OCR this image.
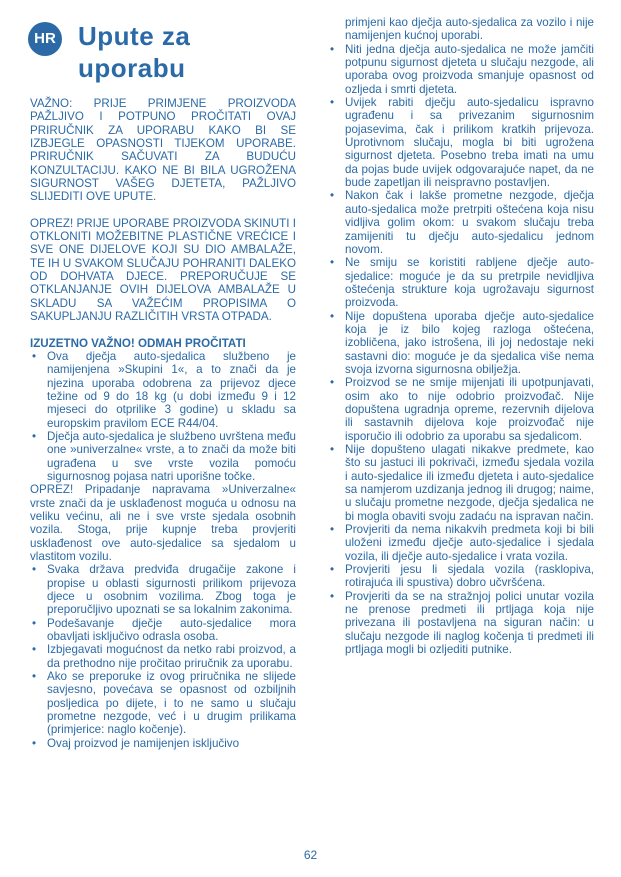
HR Upute za uporabu

VAŽNO: PRIJE PRIMJENE PROIZVODA PAŽLJIVO I POTPUNO PROČITATI OVAJ PRIRUČNIK ZA UPORABU KAKO BI SE IZBJEGLE OPASNOSTI TIJEKOM UPORABE. PRIRUČNIK SAČUVATI ZA BUDUĆU KONZULTACIJU. KAKO NE BI BILA UGROŽENA SIGURNOST VAŠEG DJETETA, PAŽLJIVO SLIJEDITI OVE UPUTE.

OPREZ! PRIJE UPORABE PROIZVODA SKINUTI I OTKLONITI MOŽEBITNE PLASTIČNE VREĆICE I SVE ONE DIJELOVE KOJI SU DIO AMBALAŽE, TE IH U SVAKOM SLUČAJU POHRANITI DALEKO OD DOHVATA DJECE. PREPORUČUJE SE OTKLANJANJE OVIH DIJELOVA AMBALAŽE U SKLADU SA VAŽEĆIM PROPISIMA O SAKUPLJANJU RAZLIČITIH VRSTA OTPADA.

IZUZETNO VAŽNO! ODMAH PROČITATI

• Ova dječja auto-sjedalica službeno je namijenjena »Skupini 1«, a to znači da je njezina uporaba odobrena za prijevoz djece težine od 9 do 18 kg (u dobi između 9 i 12 mjeseci do otprilike 3 godine) u skladu sa europskim pravilom ECE R44/04.
• Dječja auto-sjedalica je službeno uvrštena među one »univerzalne« vrste, a to znači da može biti ugrađena u svе vrste vozila pomoću sigurnosnog pojasa natri uporišne točke.

OPREZ! Pripadanje napravama »Univerzalne« vrste znači da je usklađenost moguća u odnosu na veliku većinu, ali ne i sve vrste sjedala osobnih vozila. Stoga, prije kupnje treba provjeriti usklađenost ove auto-sjedalice sa sjedalom u vlastitom vozilu.

• Svaka država predviđa drugačije zakone i propise u oblasti sigurnosti prilikom prijevoza djece u osobnim vozilima. Zbog toga je preporučljivo upoznati se sa lokalnim zakonima.
• Podešavanje dječje auto-sjedalice mora obavljati isključivo odrasla osoba.
• Izbjegavati mogućnost da netko rabi proizvod, a da prethodno nije pročitao priručnik za uporabu.
• Ako se preporuke iz ovog priručnika ne slijede savjesno, povećava se opasnost od ozbiljnih posljedica po dijete, i to ne samo u slučaju prometne nezgode, već i u drugim prilikama (primjerice: naglo kočenje).
• Ovaj proizvod je namijenjen isključivo
primjeni kao dječja auto-sjedalica za vozilo i nije namijenjen kućnoj uporabi.
• Niti jedna dječja auto-sjedalica ne može jamčiti potpunu sigurnost djeteta u slučaju nezgode, ali uporaba ovog proizvoda smanjuje opasnost od ozljeda i smrti djeteta.
• Uvijek rabiti dječju auto-sjedalicu ispravno ugrađenu i sa privezanim sigurnosnim pojasevima, čak i prilikom kratkih prijevoza. Uprotivnom slučaju, mogla bi biti ugrožena sigurnost djeteta. Posebno treba imati na umu da pojas bude uvijek odgovarajuće napet, da ne bude zapetljan ili neispravno postavljen.
• Nakon čak i lakše prometne nezgode, dječja auto-sjedalica može pretrpiti oštećena koja nisu vidljiva golim okom: u svakom slučaju treba zamijeniti tu dječju auto-sjedalicu jednom novom.
• Ne smiju se koristiti rabljene dječje auto-sjedalice: moguće je da su pretrpile nevidljiva oštećenja strukture koja ugrožavaju sigurnost proizvoda.
• Nije dopuštena uporaba dječje auto-sjedalice koja je iz bilo kojeg razloga oštećena, izobličena, jako istrošena, ili joj nedostaje neki sastavni dio: moguće je da sjedalica više nema svoja izvorna sigurnosna obilježja.
• Proizvod se ne smije mijenjati ili upotpunjavati, osim ako to nije odobrio proizvođač. Nije dopuštena ugradnja opreme, rezervnih dijelova ili sastavnih dijelova koje proizvođač nije isporučio ili odobrio za uporabu sa sjedalicom.
• Nije dopušteno ulagati nikakve predmete, kao što su jastuci ili pokrivači, između sjedala vozila i auto-sjedalice ili između djeteta i auto-sjedalice sa namjerom uzdizanja jednog ili drugog; naime, u slučaju prometne nezgode, dječja sjedalica ne bi mogla obaviti svoju zadaću na ispravan način.
• Provjeriti da nema nikakvih predmeta koji bi bili uloženi između dječje auto-sjedalice i sjedala vozila, ili dječje auto-sjedalice i vrata vozila.
• Provjeriti jesu li sjedala vozila (rasklopiva, rotirajuća ili spustiva) dobro učvršćena.
• Provjeriti da se na stražnjoj polici unutar vozila ne prenose predmeti ili prtljaga koja nije privezana ili postavljena na siguran način: u slučaju nezgode ili naglog kočenja ti predmeti ili prtljaga mogli bi ozljediti putnike.
62
